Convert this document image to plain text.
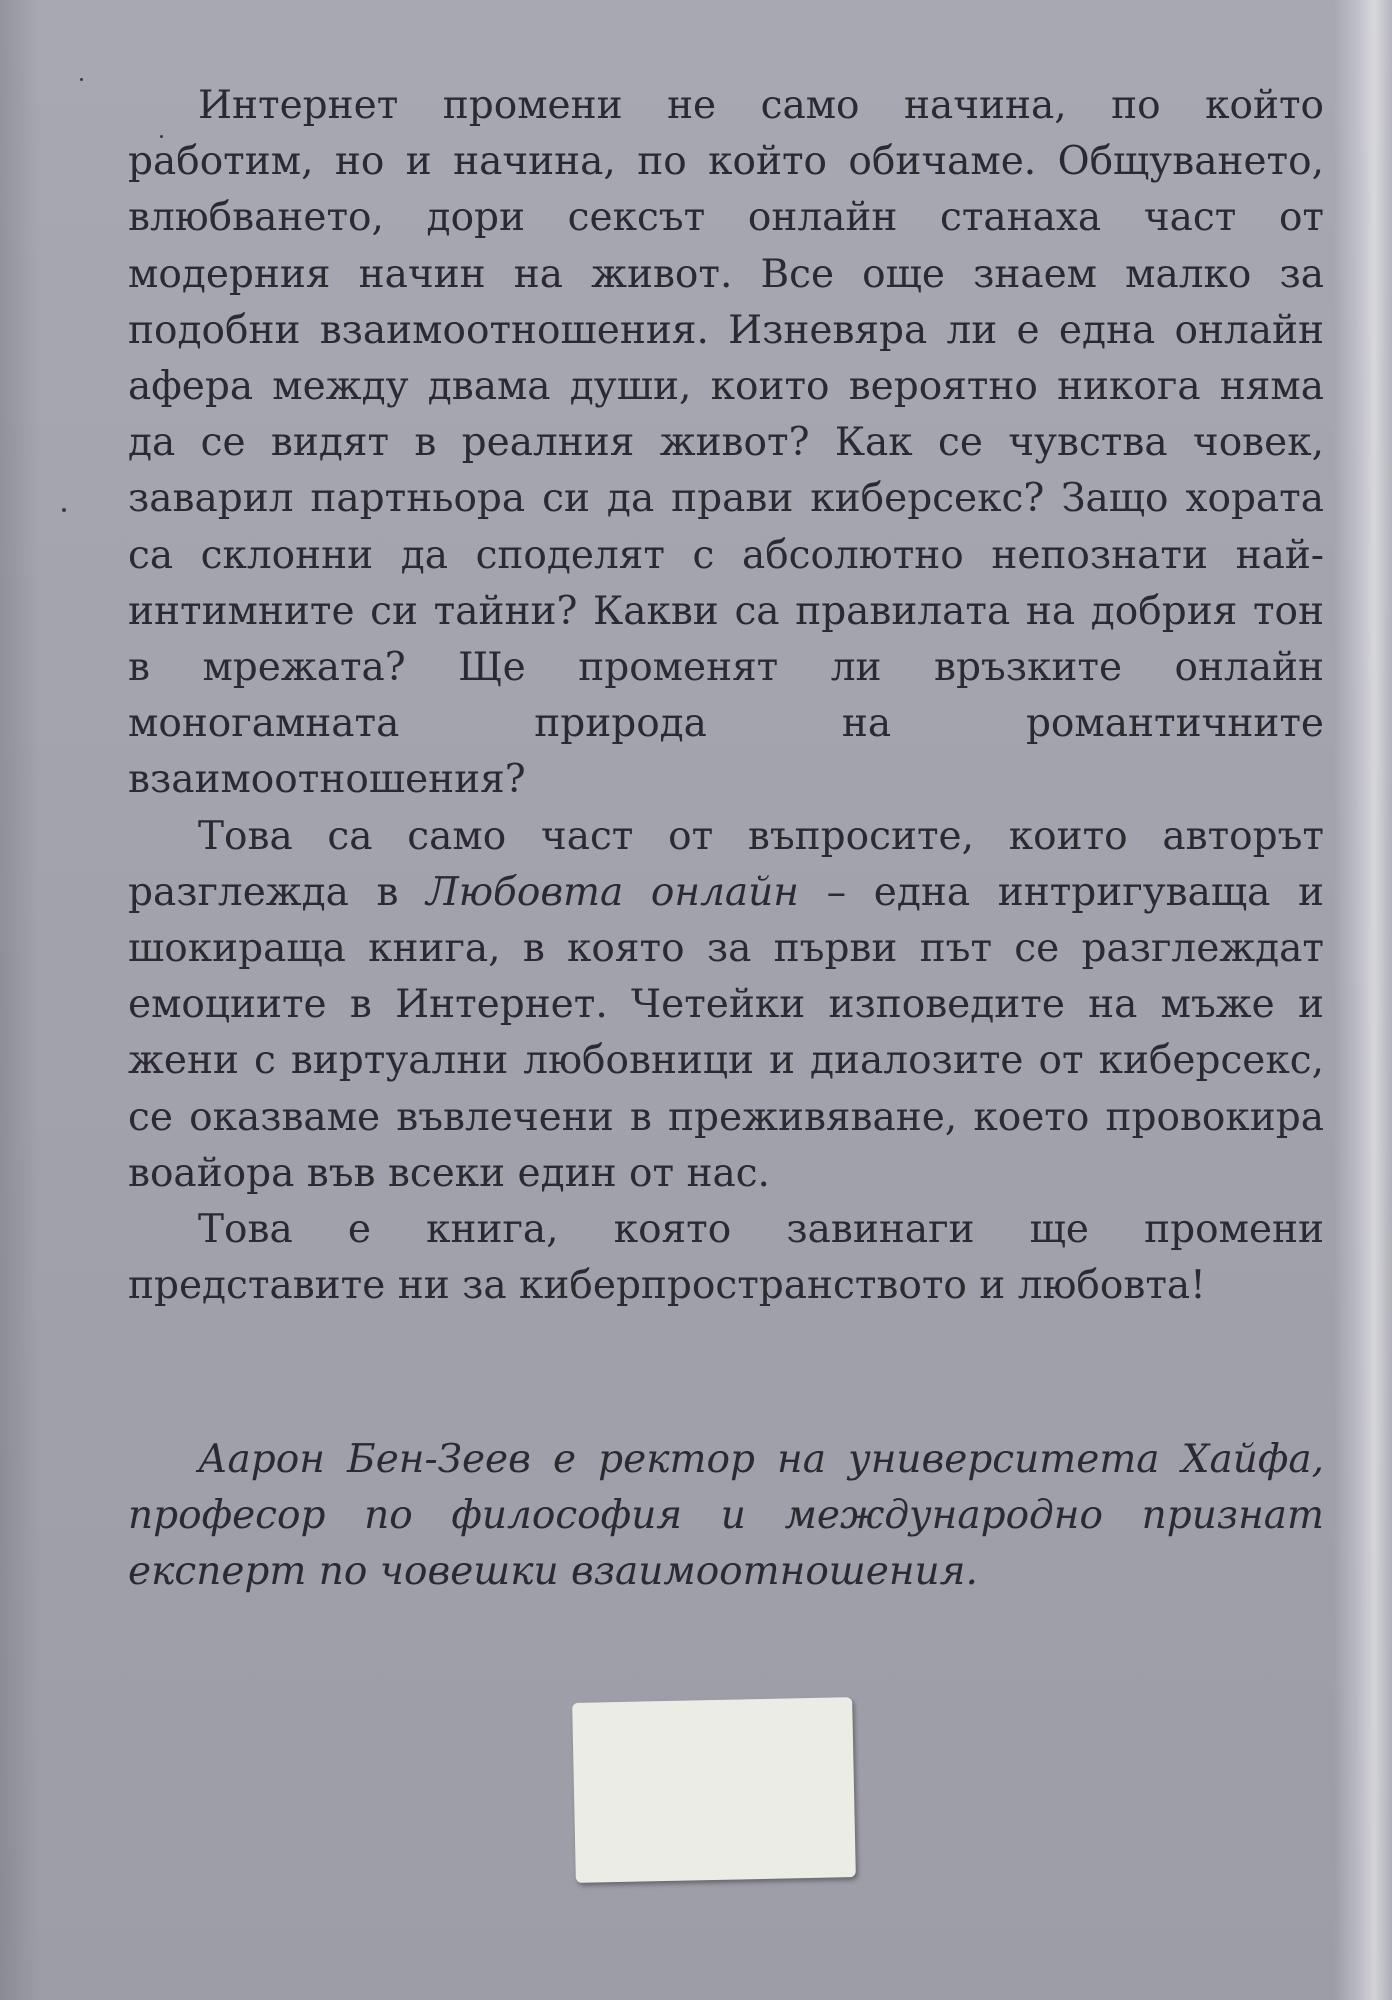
Интернет промени не само начина, по който работим, но и начина, по който обичаме. Общуването, влюбването, дори сексът онлайн станаха част от модерния начин на живот. Все още знаем малко за подобни взаимоотношения. Изневяра ли е една онлайн афера между двама души, които вероятно никога няма да се видят в реалния живот? Как се чувства човек, заварил партньора си да прави киберсекс? Защо хората са склонни да споделят с абсолютно непознати най-интимните си тайни? Какви са правилата на добрия тон в мрежата? Ще променят ли връзките онлайн моногамната природа на романтичните взаимоотношения?

Това са само част от въпросите, които авторът разглежда в Любовта онлайн – една интригуваща и шокираща книга, в която за първи път се разглеждат емоциите в Интернет. Четейки изповедите на мъже и жени с виртуални любовници и диалозите от киберсекс, се оказваме въвлечени в преживяване, което провокира воайора във всеки един от нас.

Това е книга, която завинаги ще промени представите ни за киберпространството и любовта!

Аарон Бен-Зеев е ректор на университета Хайфа, професор по философия и международно признат експерт по човешки взаимоотношения.
